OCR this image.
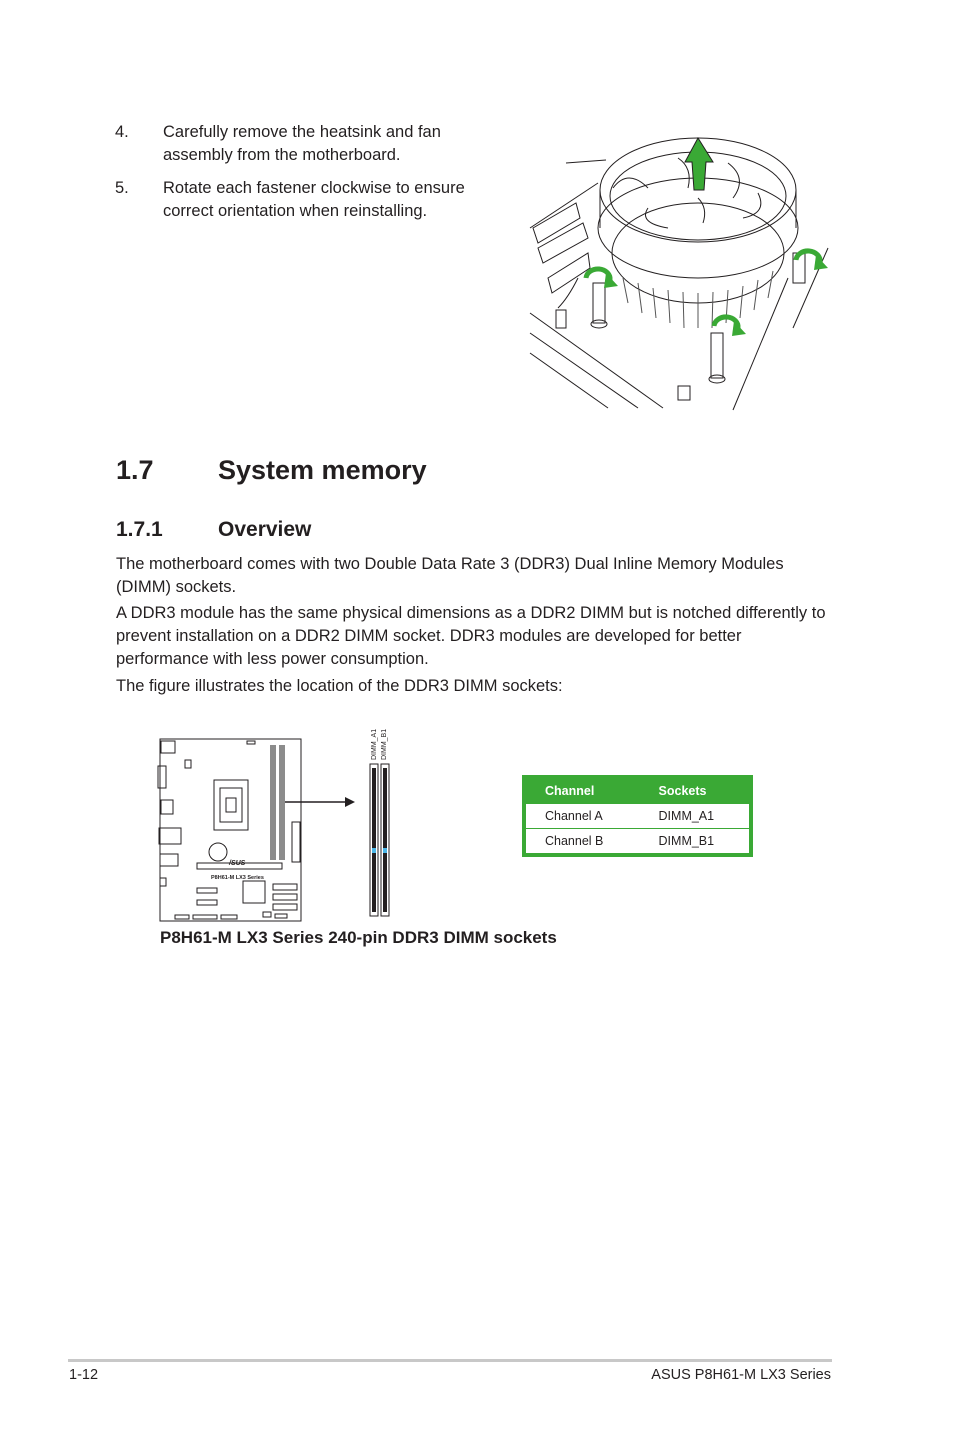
4.	Carefully remove the heatsink and fan assembly from the motherboard.
5.	Rotate each fastener clockwise to ensure correct orientation when reinstalling.
1.7 System memory
1.7.1	Overview
The motherboard comes with two Double Data Rate 3 (DDR3) Dual Inline Memory Modules (DIMM) sockets.
A DDR3 module has the same physical dimensions as a DDR2 DIMM but is notched differently to prevent installation on a DDR2 DIMM socket. DDR3 modules are developed for better performance with less power consumption.
The figure illustrates the location of the DDR3 DIMM sockets:
/SUS
P8H61-M LX3 Series
DIMM_A1 DIMM_B1
Channel	Sockets
Channel A	DIMM_A1
Channel B	DIMM_B1
P8H61-M LX3 Series 240-pin DDR3 DIMM sockets
1-12	ASUS P8H61-M LX3 Series
